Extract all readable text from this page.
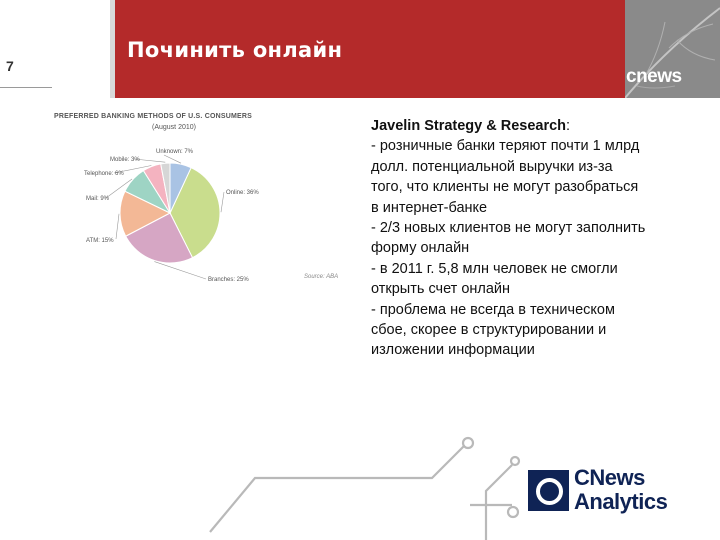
7
Починить онлайн
cnews
Online: 36%
Branches: 25%
ATM: 15%
Mail: 9%
Telephone: 6%
Mobile: 3%
Unknown: 7%
PREFERRED BANKING METHODS OF U.S. CONSUMERS
(August 2010)
Source: ABA
Javelin Strategy & Research:
- розничные банки теряют почти 1 млрд
долл. потенциальной выручки из-за
того, что клиенты не могут разобраться
в интернет-банке
- 2/3 новых клиентов не могут заполнить
форму онлайн
- в 2011 г. 5,8 млн человек не смогли
открыть счет онлайн
- проблема не всегда в техническом
сбое, скорее в структурировании и
изложении информации
CNews
Analytics
